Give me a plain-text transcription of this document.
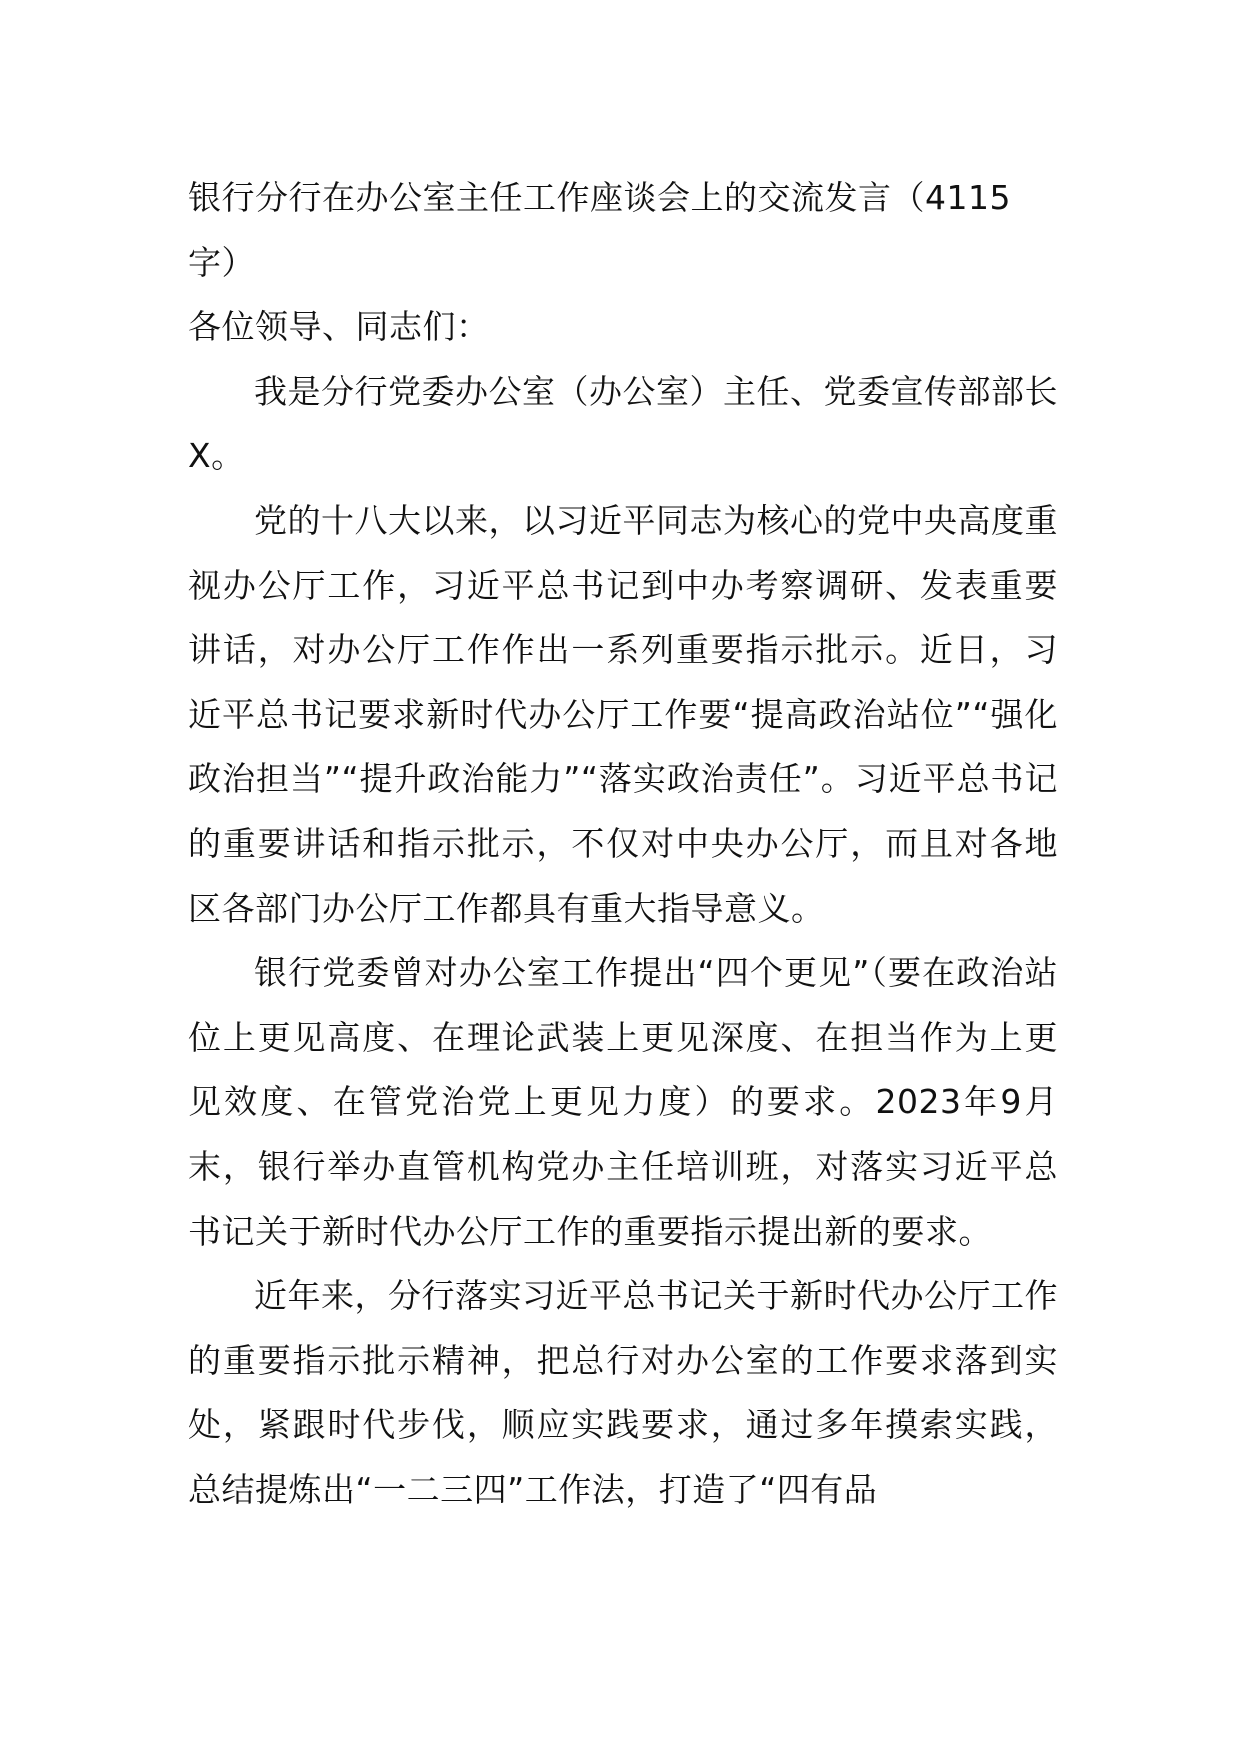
银行分行在办公室主任工作座谈会上的交流发言（4115字）

各位领导、同志们：

我是分行党委办公室（办公室）主任、党委宣传部部长X。

党的十八大以来，以习近平同志为核心的党中央高度重视办公厅工作，习近平总书记到中办考察调研、发表重要讲话，对办公厅工作作出一系列重要指示批示。近日，习近平总书记要求新时代办公厅工作要“提高政治站位”“强化政治担当”“提升政治能力”“落实政治责任”。习近平总书记的重要讲话和指示批示，不仅对中央办公厅，而且对各地区各部门办公厅工作都具有重大指导意义。

银行党委曾对办公室工作提出“四个更见”（要在政治站位上更见高度、在理论武装上更见深度、在担当作为上更见效度、在管党治党上更见力度）的要求。2023年9月末，银行举办直管机构党办主任培训班，对落实习近平总书记关于新时代办公厅工作的重要指示提出新的要求。

近年来，分行落实习近平总书记关于新时代办公厅工作的重要指示批示精神，把总行对办公室的工作要求落到实处，紧跟时代步伐，顺应实践要求，通过多年摸索实践，总结提炼出“一二三四”工作法，打造了“四有品
